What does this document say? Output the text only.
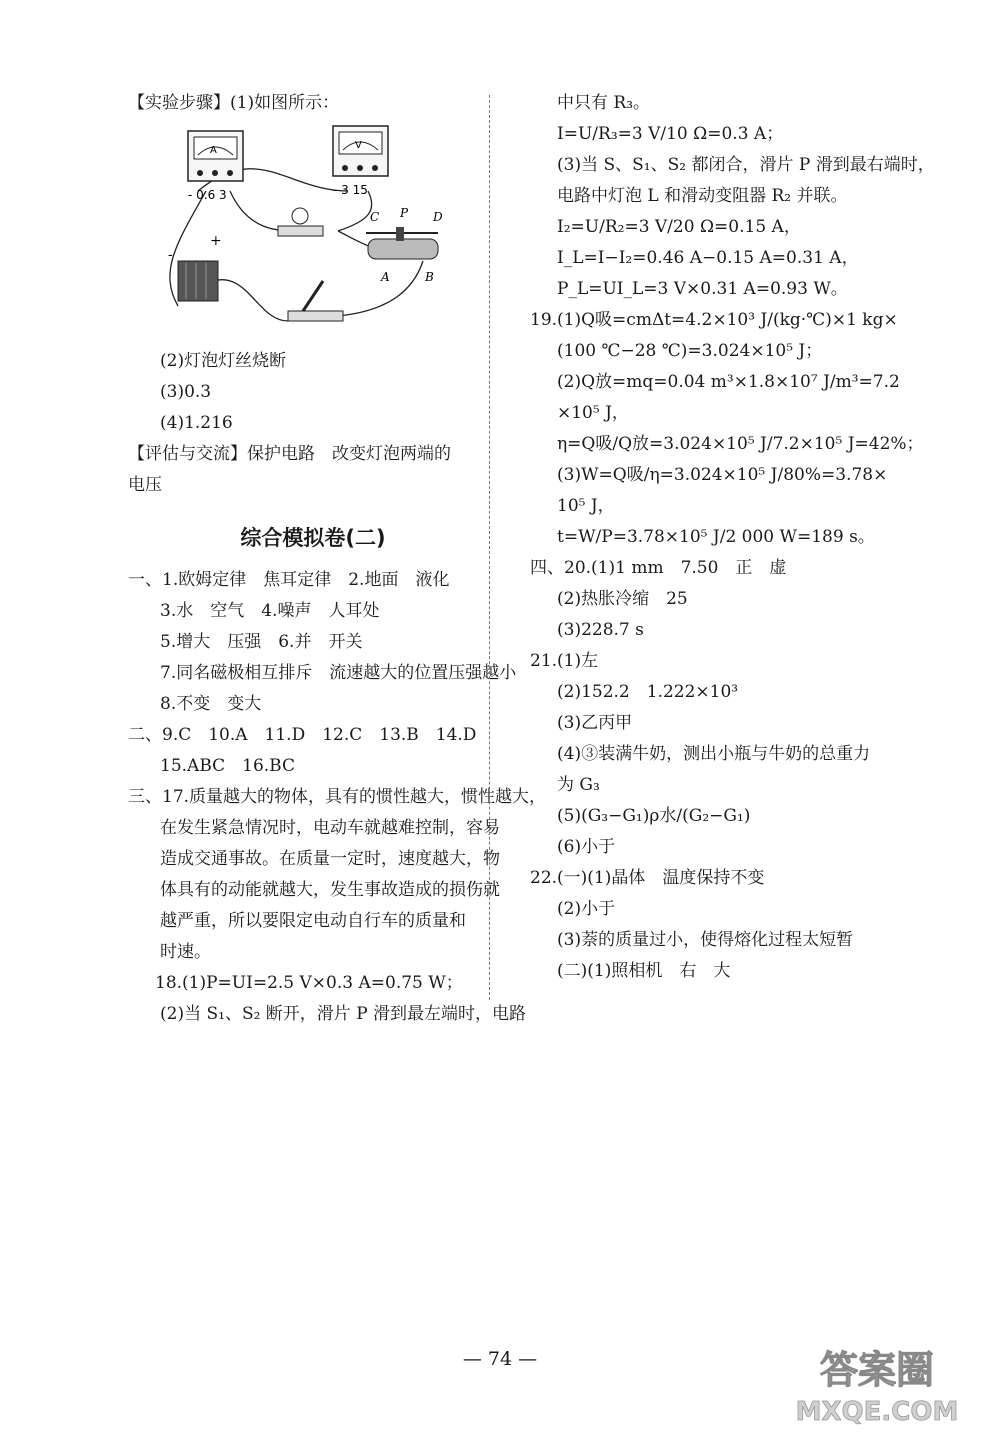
【实验步骤】(1)如图所示：
A
- 0.6 3
V
- 3 15
C P D
A	B
-
+
(2)灯泡灯丝烧断
(3)0.3
(4)1.216
【评估与交流】保护电路　改变灯泡两端的
电压
综合模拟卷(二)
一、1.欧姆定律　焦耳定律　2.地面　液化
3.水　空气　4.噪声　人耳处
5.增大　压强　6.并　开关
7.同名磁极相互排斥　流速越大的位置压强越小
8.不变　变大
二、9.C　10.A　11.D　12.C　13.B　14.D
15.ABC　16.BC
三、17.质量越大的物体，具有的惯性越大，惯性越大，
在发生紧急情况时，电动车就越难控制，容易
造成交通事故。在质量一定时，速度越大，物
体具有的动能就越大，发生事故造成的损伤就
越严重，所以要限定电动自行车的质量和
时速。
18.(1)P=UI=2.5 V×0.3 A=0.75 W；
(2)当 S₁、S₂ 断开，滑片 P 滑到最左端时，电路
中只有 R₃。
I=U/R₃=3 V/10 Ω=0.3 A；
(3)当 S、S₁、S₂ 都闭合，滑片 P 滑到最右端时，
电路中灯泡 L 和滑动变阻器 R₂ 并联。
I₂=U/R₂=3 V/20 Ω=0.15 A，
I_L=I−I₂=0.46 A−0.15 A=0.31 A，
P_L=UI_L=3 V×0.31 A=0.93 W。
19.(1)Q吸=cmΔt=4.2×10³ J/(kg·℃)×1 kg×
(100 ℃−28 ℃)=3.024×10⁵ J；
(2)Q放=mq=0.04 m³×1.8×10⁷ J/m³=7.2
×10⁵ J，
η=Q吸/Q放=3.024×10⁵ J/7.2×10⁵ J=42%；
(3)W=Q吸/η=3.024×10⁵ J/80%=3.78×
10⁵ J，
t=W/P=3.78×10⁵ J/2 000 W=189 s。
四、20.(1)1 mm　7.50　正　虚
(2)热胀冷缩　25
(3)228.7 s
21.(1)左
(2)152.2　1.222×10³
(3)乙丙甲
(4)③装满牛奶，测出小瓶与牛奶的总重力
为 G₃
(5)(G₃−G₁)ρ水/(G₂−G₁)
(6)小于
22.(一)(1)晶体　温度保持不变
(2)小于
(3)萘的质量过小，使得熔化过程太短暂
(二)(1)照相机　右　大
— 74 —	答案圈
MXQE.COM
